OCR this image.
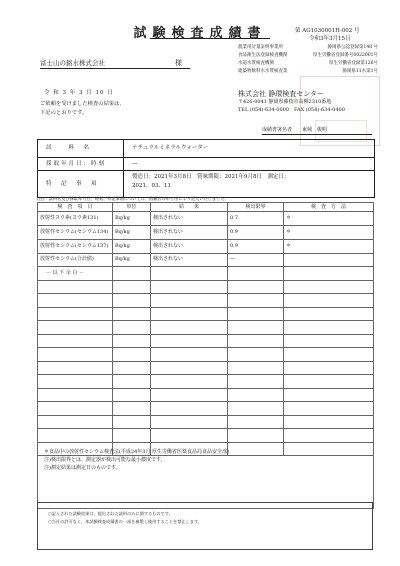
試験検査成績書	第 AG1030001H-002 号
令和3年3月15日
農業用計量証明事業所	静岡県公認登録第148 号
食品衛生法登録検査機関	厚生労働省登録番号0022001号
水道水質検査機関	厚生労働省登録第126号
建築物飲料水水質検査業	静岡県11水第1号
富士山の銘水株式会社	様
令 和 3 年 3 月 10 日
ご依頼を受けました検査の結果は、
下記のとおりです。
株式会社 静環検査センター
〒426-0041 静岡県藤枝市高柳2310番地
TEL (054)-634-0000　FAX (054)-634-0400
成績書署名者　　東城　俊明
試　　料　名	ナチュラルミネラルウォーター
採取年月日：時刻	―
特　記　事　項
製造日：2021年3月8日　賞味期限：2021年9月8日　測定日：2021．03．11
(注)　試料名及び採取年月日、時刻、特記事項については、依頼者の申し出により記入いたしました。
検　査　項　目	単位	結　　果	検出限界	検　査　方　法
放射性ヨウ素(ヨウ素131)	Bq/kg	検出されない	0.7	＊
放射性セシウム(セシウム134)	Bq/kg	検出されない	0.9	＊
放射性セシウム(セシウム137)	Bq/kg	検出されない	0.9	＊
放射性セシウム(合計値)	Bq/kg	検出されない	―	
－ 以 下 余 白 －				

＊食品中の放射性セシウム検査法(平成24年3月 厚生労働省医薬食品局食品安全部)
注)検出限界とは、測定器が検出可能な最小濃度です。
注)測定結果は測定日のものです。
○記入された試験結果は、提出された試料のみに関するものです。
○当社の許可なく、本試験検査成績書の一部を複製し使用することを禁止します。
